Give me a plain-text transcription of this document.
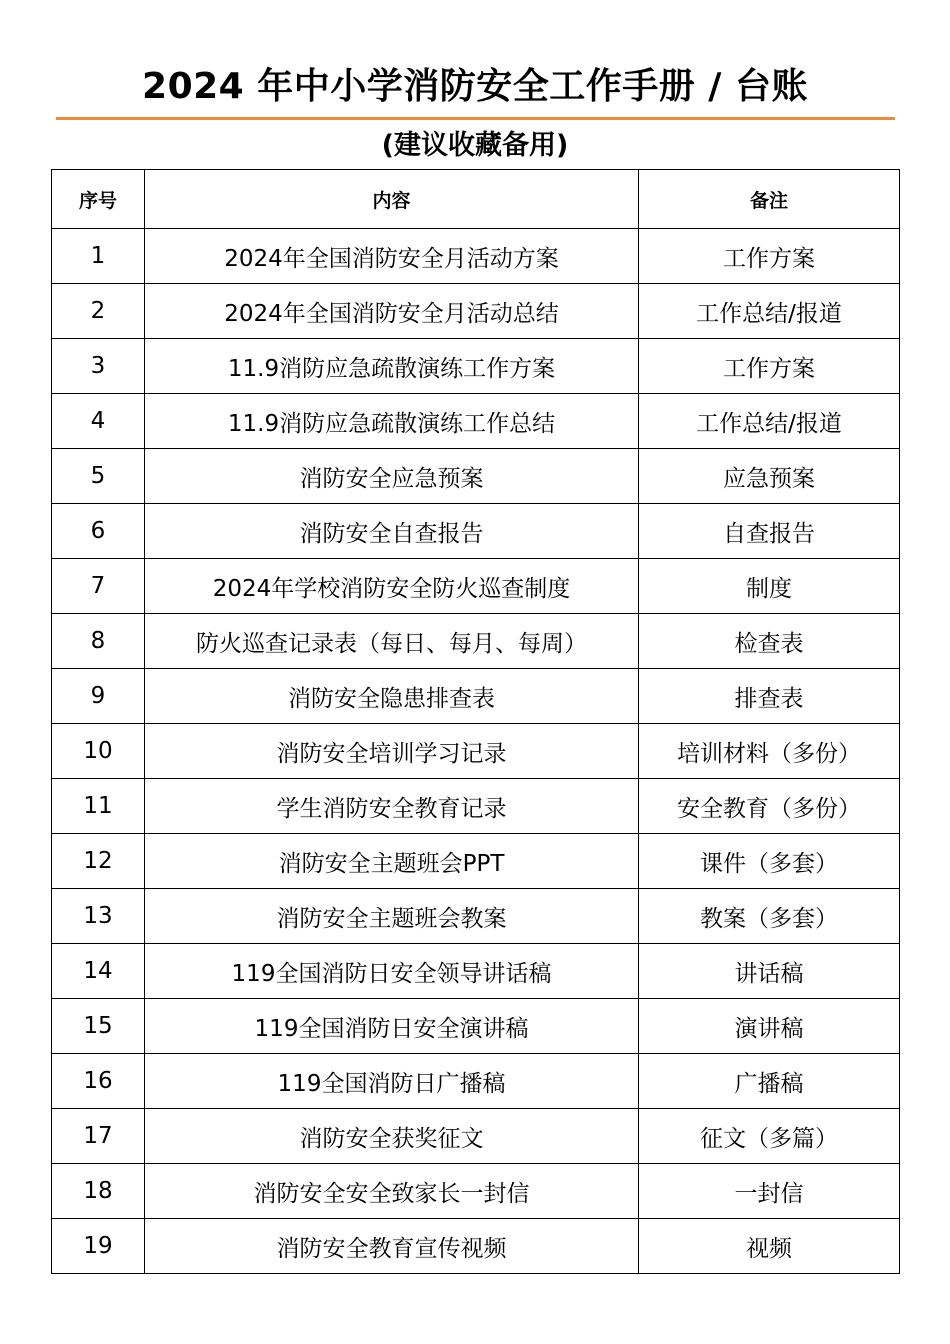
2024 年中小学消防安全工作手册 / 台账
(建议收藏备用)
序号	内容	备注
1	2024年全国消防安全月活动方案	工作方案
2	2024年全国消防安全月活动总结	工作总结/报道
3	11.9消防应急疏散演练工作方案	工作方案
4	11.9消防应急疏散演练工作总结	工作总结/报道
5	消防安全应急预案	应急预案
6	消防安全自查报告	自查报告
7	2024年学校消防安全防火巡查制度	制度
8	防火巡查记录表（每日、每月、每周）	检查表
9	消防安全隐患排查表	排查表
10	消防安全培训学习记录	培训材料（多份）
11	学生消防安全教育记录	安全教育（多份）
12	消防安全主题班会PPT	课件（多套）
13	消防安全主题班会教案	教案（多套）
14	119全国消防日安全领导讲话稿	讲话稿
15	119全国消防日安全演讲稿	演讲稿
16	119全国消防日广播稿	广播稿
17	消防安全获奖征文	征文（多篇）
18	消防安全安全致家长一封信	一封信
19	消防安全教育宣传视频	视频
